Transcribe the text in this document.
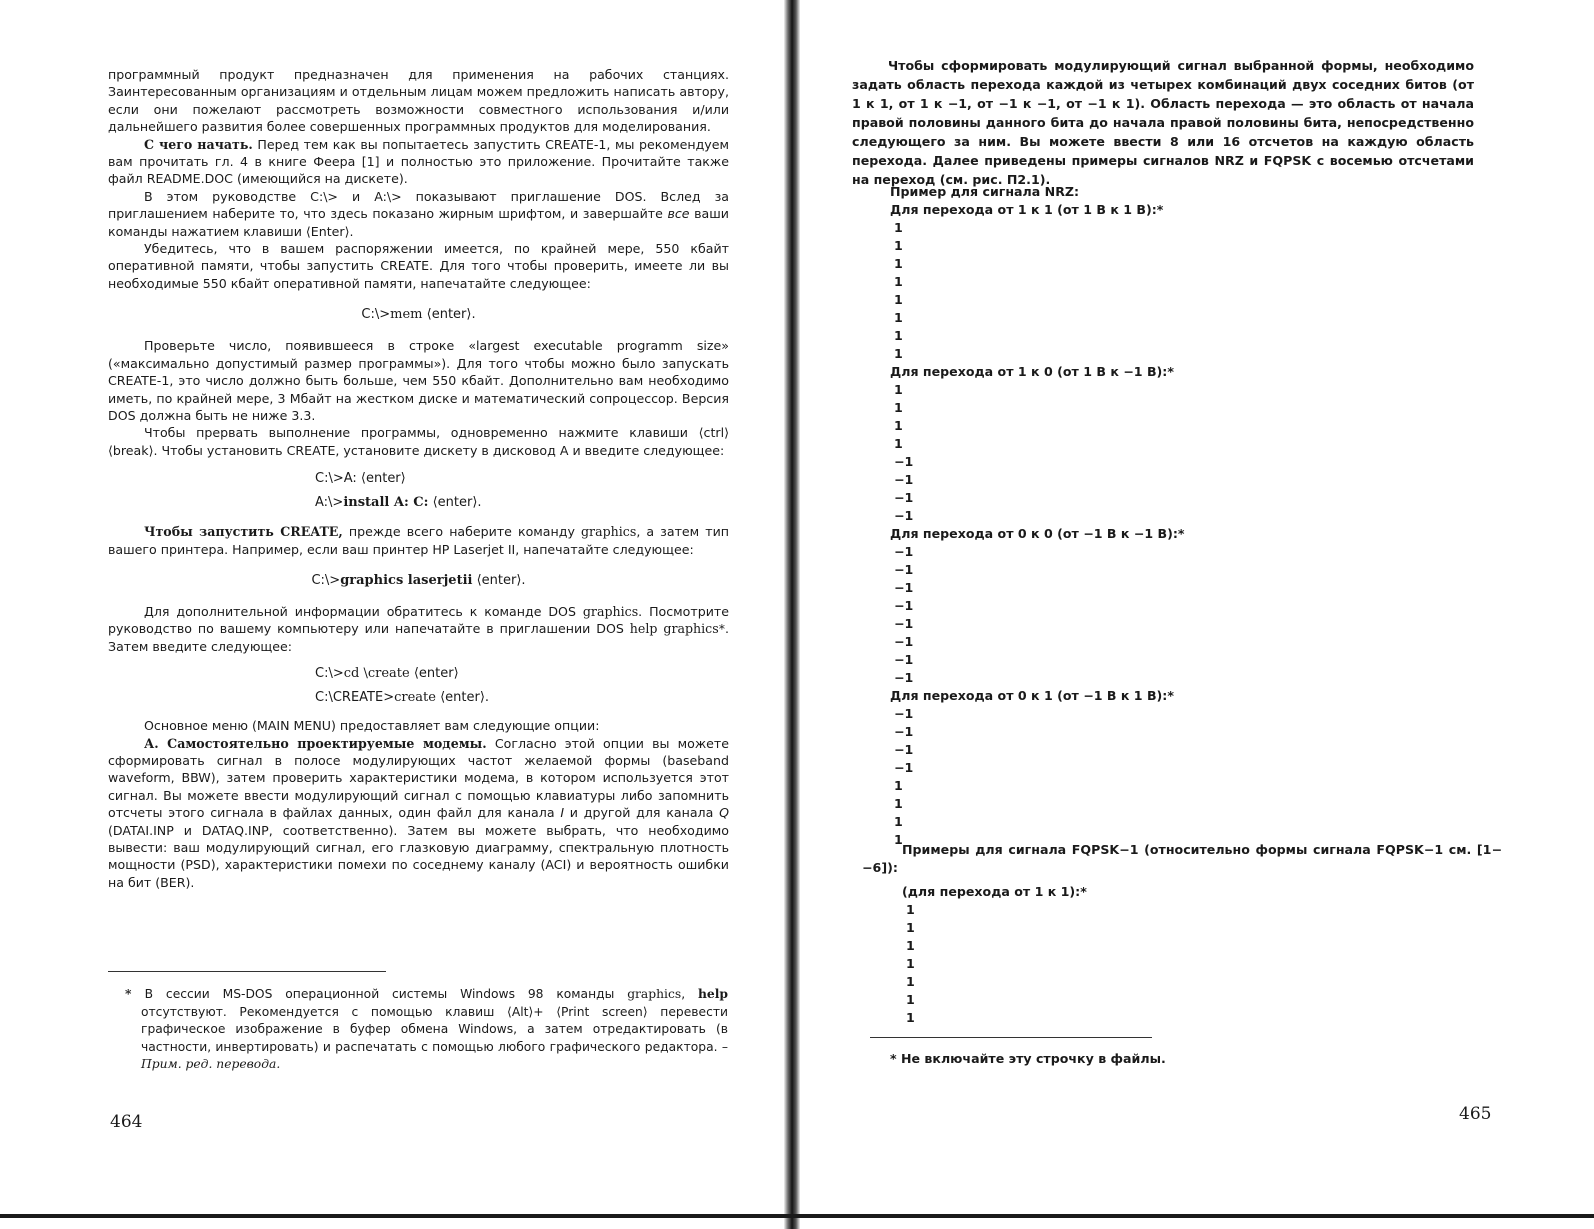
программный продукт предназначен для применения на рабочих станциях. Заинтересованным организациям и отдельным лицам можем предложить написать автору, если они пожелают рассмотреть возможности совместного использования и/или дальнейшего развития более совершенных программных продуктов для моделирования.

С чего начать. Перед тем как вы попытаетесь запустить CREATE-1, мы рекомендуем вам прочитать гл. 4 в книге Феера [1] и полностью это приложение. Прочитайте также файл README.DOC (имеющийся на дискете).

В этом руководстве C:\> и A:\> показывают приглашение DOS. Вслед за приглашением наберите то, что здесь показано жирным шрифтом, и завершайте все ваши команды нажатием клавиши ⟨Enter⟩.

Убедитесь, что в вашем распоряжении имеется, по крайней мере, 550 кбайт оперативной памяти, чтобы запустить CREATE. Для того чтобы проверить, имеете ли вы необходимые 550 кбайт оперативной памяти, напечатайте следующее:

C:\>mem ⟨enter⟩.

Проверьте число, появившееся в строке «largest executable programm size» («максимально допустимый размер программы»). Для того чтобы можно было запускать CREATE-1, это число должно быть больше, чем 550 кбайт. Дополнительно вам необходимо иметь, по крайней мере, 3 Мбайт на жестком диске и математический сопроцессор. Версия DOS должна быть не ниже 3.3.

Чтобы прервать выполнение программы, одновременно нажмите клавиши ⟨ctrl⟩⟨break⟩. Чтобы установить CREATE, установите дискету в дисковод A и введите следующее:

C:\>A: ⟨enter⟩

A:\>install A: C: ⟨enter⟩.

Чтобы запустить CREATE, прежде всего наберите команду graphics, а затем тип вашего принтера. Например, если ваш принтер HP Laserjet II, напечатайте следующее:

C:\>graphics laserjetii ⟨enter⟩.

Для дополнительной информации обратитесь к команде DOS graphics. Посмотрите руководство по вашему компьютеру или напечатайте в приглашении DOS help graphics*. Затем введите следующее:

C:\>cd \create ⟨enter⟩

C:\CREATE>create ⟨enter⟩.

Основное меню (MAIN MENU) предоставляет вам следующие опции:

А. Самостоятельно проектируемые модемы. Согласно этой опции вы можете сформировать сигнал в полосе модулирующих частот желаемой формы (baseband waveform, BBW), затем проверить характеристики модема, в котором используется этот сигнал. Вы можете ввести модулирующий сигнал с помощью клавиатуры либо запомнить отсчеты этого сигнала в файлах данных, один файл для канала I и другой для канала Q (DATAI.INP и DATAQ.INP, соответственно). Затем вы можете выбрать, что необходимо вывести: ваш модулирующий сигнал, его глазковую диаграмму, спектральную плотность мощности (PSD), характеристики помехи по соседнему каналу (ACI) и вероятность ошибки на бит (BER).

* В сессии MS-DOS операционной системы Windows 98 команды graphics, help отсутствуют. Рекомендуется с помощью клавиш ⟨Alt⟩+ ⟨Print screen⟩ перевести графическое изображение в буфер обмена Windows, а затем отредактировать (в частности, инвертировать) и распечатать с помощью любого графического редактора. – Прим. ред. перевода.

464

Чтобы сформировать модулирующий сигнал выбранной формы, необходимо задать область перехода каждой из четырех комбинаций двух соседних битов (от 1 к 1, от 1 к −1, от −1 к −1, от −1 к 1). Область перехода — это область от начала правой половины данного бита до начала правой половины бита, непосредственно следующего за ним. Вы можете ввести 8 или 16 отсчетов на каждую область перехода. Далее приведены примеры сигналов NRZ и FQPSK с восемью отсчетами на переход (см. рис. П2.1).

Пример для сигнала NRZ:
Для перехода от 1 к 1 (от 1 В к 1 В):*
1
1
1
1
1
1
1
1
Для перехода от 1 к 0 (от 1 В к −1 В):*
1
1
1
1
−1
−1
−1
−1
Для перехода от 0 к 0 (от −1 В к −1 В):*
−1
−1
−1
−1
−1
−1
−1
−1
Для перехода от 0 к 1 (от −1 В к 1 В):*
−1
−1
−1
−1
1
1
1
1

Примеры для сигнала FQPSK−1 (относительно формы сигнала FQPSK−1 см. [1−−6]):

(для перехода от 1 к 1):*
1
1
1
1
1
1
1
* Не включайте эту строчку в файлы.
465
